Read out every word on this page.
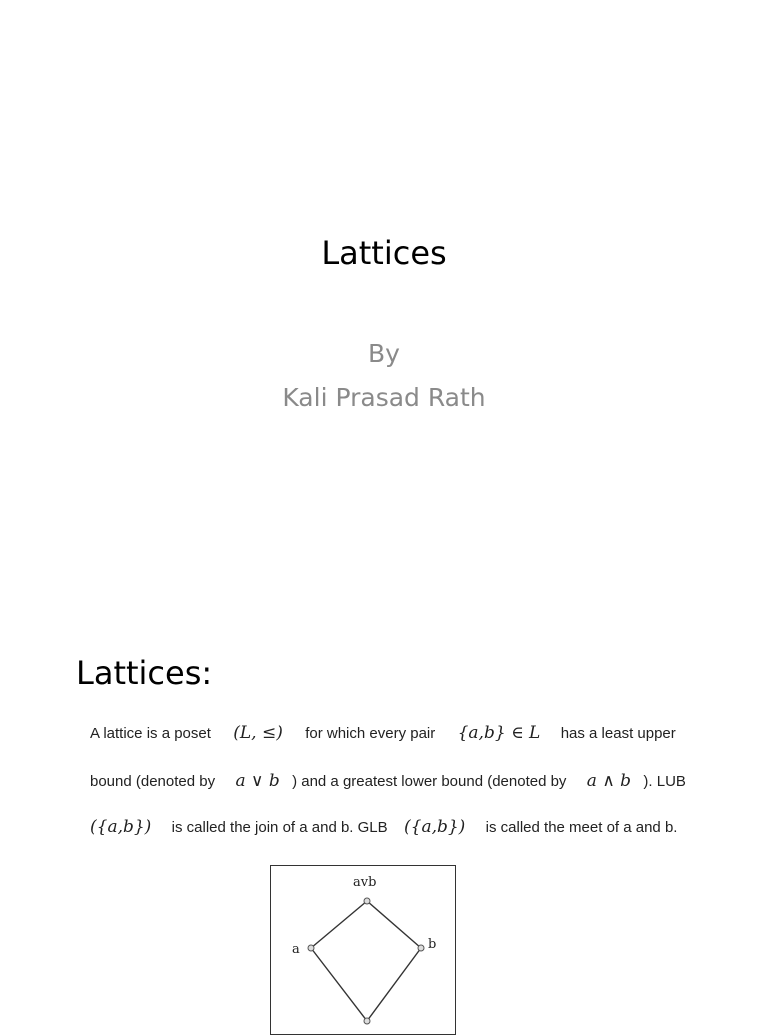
Lattices
By
Kali Prasad Rath
Lattices:
A lattice is a poset (L, ≤) for which every pair {a,b} ∈ L has a least upper
bound (denoted by a ∨ b ) and a greatest lower bound (denoted by a ∧ b ). LUB
({a,b}) is called the join of a and b. GLB ({a,b}) is called the meet of a and b.
avb
a	b
